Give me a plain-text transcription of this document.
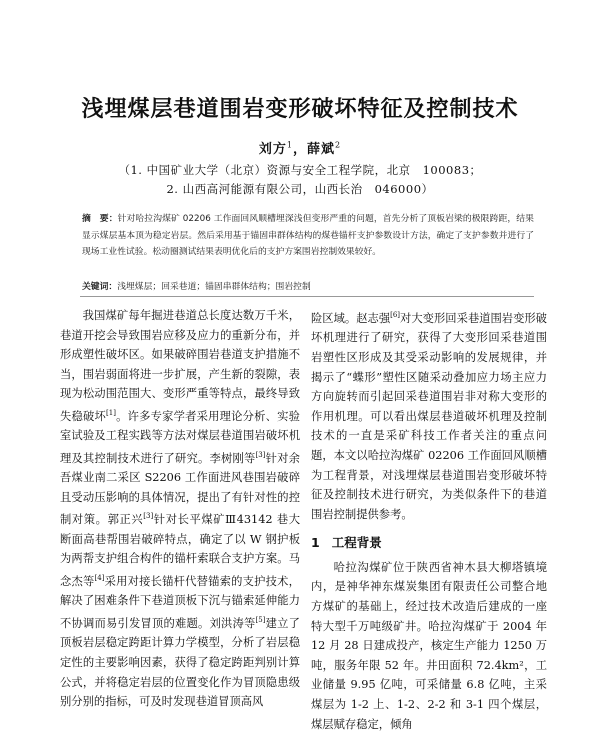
浅埋煤层巷道围岩变形破坏特征及控制技术
刘方$^1$，薛斌$^2$
（1. 中国矿业大学（北京）资源与安全工程学院，北京　100083；
2. 山西高河能源有限公司，山西长治　046000）
摘　要：针对哈拉沟煤矿 02206 工作面回风顺槽埋深浅但变形严重的问题，首先分析了顶板岩梁的极限跨距，结果显示煤层基本顶为稳定岩层。然后采用基于锚固串群体结构的煤巷锚杆支护参数设计方法，确定了支护参数并进行了现场工业性试验。松动圈测试结果表明优化后的支护方案围岩控制效果较好。
关键词：浅埋煤层；回采巷道；锚固串群体结构；围岩控制

我国煤矿每年掘进巷道总长度达数万千米，巷道开挖会导致围岩应移及应力的重新分布，并形成塑性破坏区。如果破碎围岩巷道支护措施不当，围岩弱面将进一步扩展，产生新的裂隙，表现为松动围范围大、变形严重等特点，最终导致失稳破坏[1]。许多专家学者采用理论分析、实验室试验及工程实践等方法对煤层巷道围岩破坏机理及其控制技术进行了研究。李树刚等[3]针对余吾煤业南二采区 S2206 工作面进风巷围岩破碎且受动压影响的具体情况，提出了有针对性的控制对策。郭正兴[3]针对长平煤矿Ⅲ43142 巷大断面高巷帮围岩破碎特点，确定了以 W 钢护板为两帮支护组合构件的锚杆索联合支护方案。马念杰等[4]采用对接长锚杆代替锚索的支护技术，解决了困难条件下巷道顶板下沉与锚索延伸能力不协调而易引发冒顶的难题。刘洪涛等[5]建立了顶板岩层稳定跨距计算力学模型，分析了岩层稳定性的主要影响因素，获得了稳定跨距判别计算公式，并将稳定岩层的位置变化作为冒顶隐患级别分别的指标，可及时发现巷道冒顶高风

险区域。赵志强[6]对大变形回采巷道围岩变形破坏机理进行了研究，获得了大变形回采巷道围岩塑性区形成及其受采动影响的发展规律，并揭示了“蝶形”塑性区随采动叠加应力场主应力方向旋转而引起回采巷道围岩非对称大变形的作用机理。可以看出煤层巷道破坏机理及控制技术的一直是采矿科技工作者关注的重点问题，本文以哈拉沟煤矿 02206 工作面回风顺槽为工程背景，对浅埋煤层巷道围岩变形破坏特征及控制技术进行研究，为类似条件下的巷道围岩控制提供参考。

1 工程背景

哈拉沟煤矿位于陕西省神木县大柳塔镇境内，是神华神东煤炭集团有限责任公司整合地方煤矿的基础上，经过技术改造后建成的一座特大型千万吨级矿井。哈拉沟煤矿于 2004 年 12 月 28 日建成投产，核定生产能力 1250 万吨，服务年限 52 年。井田面积 72.4km²，工业储量 9.95 亿吨，可采储量 6.8 亿吨，主采煤层为 1-2 上、1-2、2-2 和 3-1 四个煤层，煤层赋存稳定，倾角
